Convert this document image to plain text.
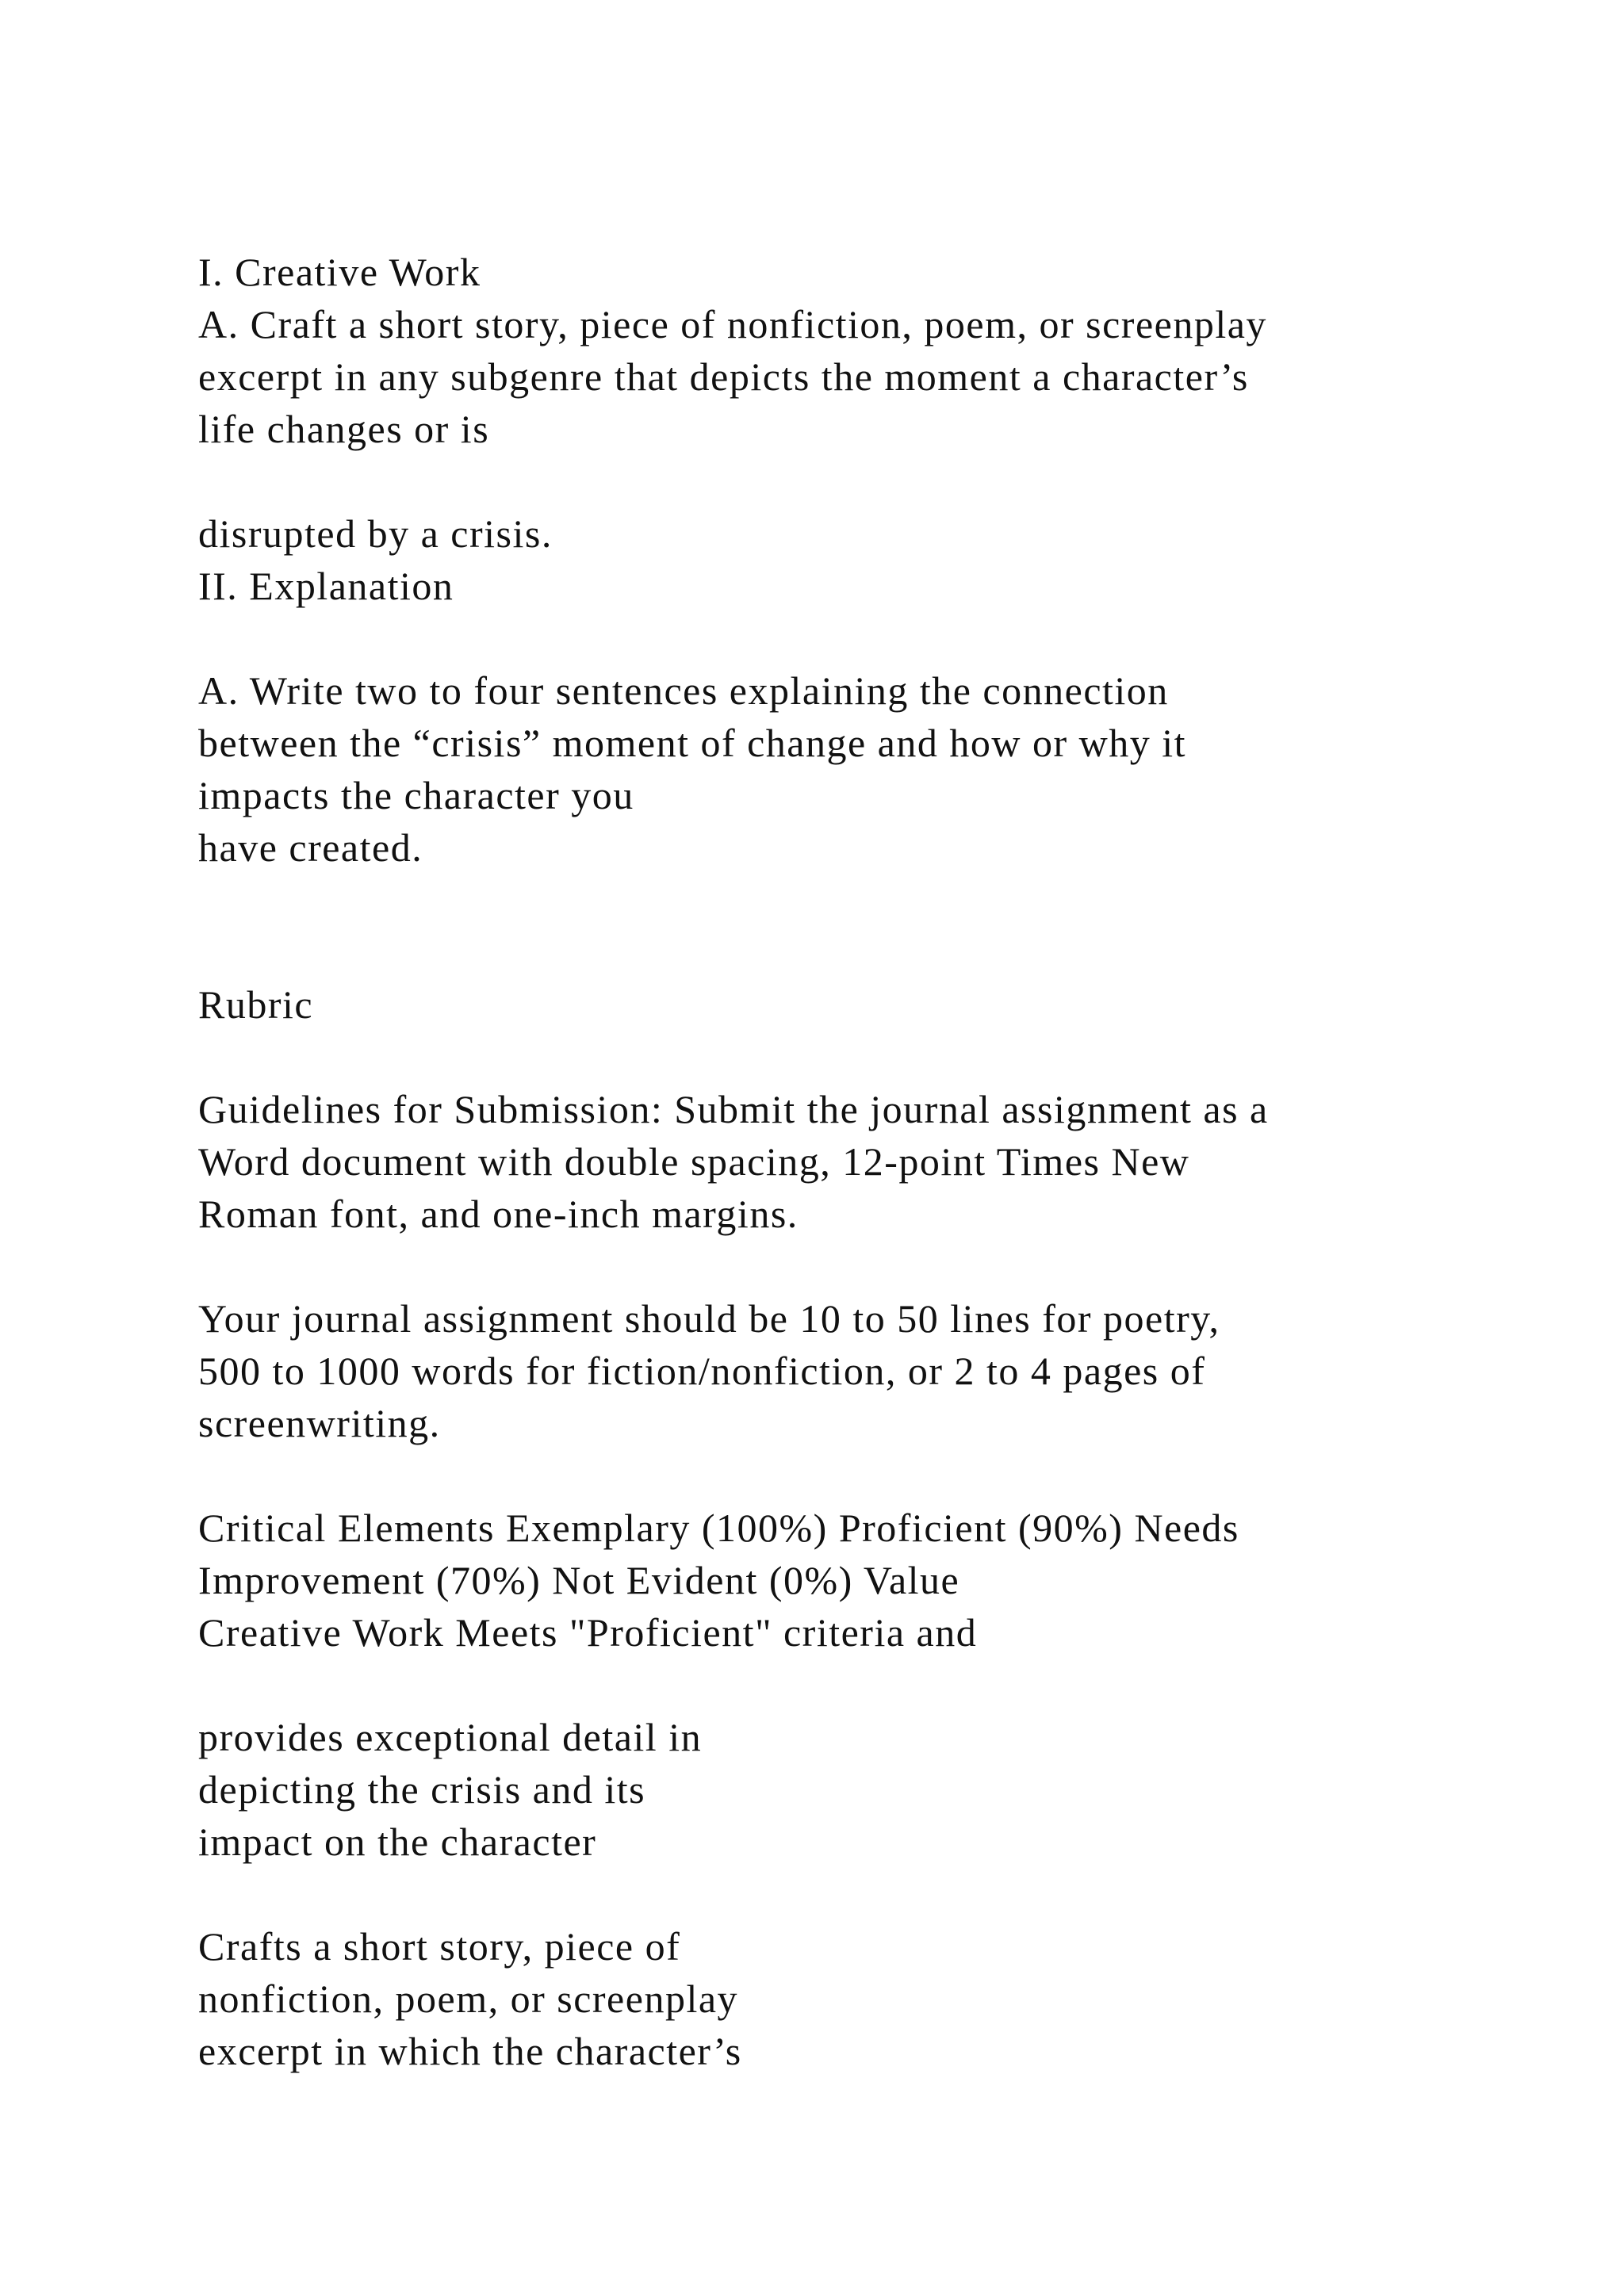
I. Creative Work
A. Craft a short story, piece of nonfiction, poem, or screenplay
excerpt in any subgenre that depicts the moment a character’s
life changes or is
disrupted by a crisis.
II. Explanation
A. Write two to four sentences explaining the connection
between the “crisis” moment of change and how or why it
impacts the character you
have created.
Rubric
Guidelines for Submission: Submit the journal assignment as a
Word document with double spacing, 12-point Times New
Roman font, and one-inch margins.
Your journal assignment should be 10 to 50 lines for poetry,
500 to 1000 words for fiction/nonfiction, or 2 to 4 pages of
screenwriting.
Critical Elements Exemplary (100%) Proficient (90%) Needs
Improvement (70%) Not Evident (0%) Value
Creative Work Meets "Proficient" criteria and
provides exceptional detail in
depicting the crisis and its
impact on the character
Crafts a short story, piece of
nonfiction, poem, or screenplay
excerpt in which the character’s
